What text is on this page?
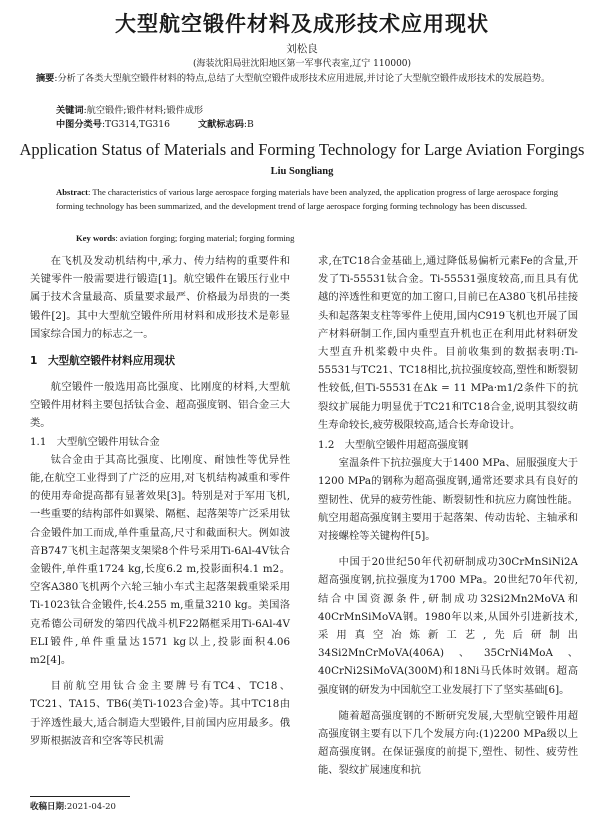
大型航空锻件材料及成形技术应用现状
刘松良
(海装沈阳局驻沈阳地区第一军事代表室,辽宁 110000)
摘要:分析了各类大型航空锻件材料的特点,总结了大型航空锻件成形技术应用进展,并讨论了大型航空锻件成形技术的发展趋势。
关键词:航空锻件;锻件材料;锻件成形
中图分类号:TG314,TG316	文献标志码:B
Application Status of Materials and Forming Technology for Large Aviation Forgings
Liu Songliang
Abstract: The characteristics of various large aerospace forging materials have been analyzed, the application progress of large aerospace forging forming technology has been summarized, and the development trend of large aerospace forging forming technology has been discussed.
Key words: aviation forging; forging material; forging forming

在飞机及发动机结构中,承力、传力结构的重要件和关键零件一般需要进行锻造[1]。航空锻件在锻压行业中属于技术含量最高、质量要求最严、价格最为昂贵的一类锻件[2]。其中大型航空锻件所用材料和成形技术是彰显国家综合国力的标志之一。

1　大型航空锻件材料应用现状

航空锻件一般选用高比强度、比刚度的材料,大型航空锻件用材料主要包括钛合金、超高强度钢、铝合金三大类。

1.1　大型航空锻件用钛合金

钛合金由于其高比强度、比刚度、耐蚀性等优异性能,在航空工业得到了广泛的应用,对飞机结构减重和零件的使用寿命提高都有显著效果[3]。特别是对于军用飞机,一些重要的结构部件如翼梁、隔框、起落架等广泛采用钛合金锻件加工而成,单件重量高,尺寸和截面积大。例如波音B747飞机主起落架支架梁8个件号采用Ti-6Al-4V钛合金锻件,单件重1724 kg,长度6.2 m,投影面积4.1 m2。空客A380飞机两个六轮三轴小车式主起落架载重梁采用Ti-1023钛合金锻件,长4.255 m,重量3210 kg。美国洛克希德公司研发的第四代战斗机F22隔框采用Ti-6Al-4V ELI锻件,单件重量达1571 kg以上,投影面积4.06 m2[4]。

目前航空用钛合金主要牌号有TC4、TC18、TC21、TA15、TB6(美Ti-1023合金)等。其中TC18由于淬透性最大,适合制造大型锻件,目前国内应用最多。俄罗斯根据波音和空客等民机需

求,在TC18合金基础上,通过降低易偏析元素Fe的含量,开发了Ti-55531钛合金。Ti-55531强度较高,而且具有优越的淬透性和更宽的加工窗口,目前已在A380飞机吊挂接头和起落架支柱等零件上使用,国内C919飞机也开展了国产材料研制工作,国内重型直升机也正在利用此材料研发大型直升机桨毂中央件。目前收集到的数据表明:Ti-55531与TC21、TC18相比,抗拉强度较高,塑性和断裂韧性较低,但Ti-55531在Δk = 11 MPa·m1/2条件下的抗裂纹扩展能力明显优于TC21和TC18合金,说明其裂纹萌生寿命较长,疲劳极限较高,适合长寿命设计。

1.2　大型航空锻件用超高强度钢

室温条件下抗拉强度大于1400 MPa、屈服强度大于1200 MPa的钢称为超高强度钢,通常还要求具有良好的塑韧性、优异的疲劳性能、断裂韧性和抗应力腐蚀性能。航空用超高强度钢主要用于起落架、传动齿轮、主轴承和对接螺栓等关键构件[5]。

中国于20世纪50年代初研制成功30CrMnSiNi2A超高强度钢,抗拉强度为1700 MPa。20世纪70年代初,结合中国资源条件,研制成功32Si2Mn2MoVA和40CrMnSiMoVA钢。1980年以来,从国外引进新技术,采用真空冶炼新工艺,先后研制出34Si2MnCrMoVA(406A)、35CrNi4MoA、40CrNi2SiMoVA(300M)和18Ni马氏体时效钢。超高强度钢的研发为中国航空工业发展打下了坚实基础[6]。

随着超高强度钢的不断研究发展,大型航空锻件用超高强度钢主要有以下几个发展方向:(1)2200 MPa级以上超高强度钢。在保证强度的前提下,塑性、韧性、疲劳性能、裂纹扩展速度和抗

收稿日期:2021-04-20
